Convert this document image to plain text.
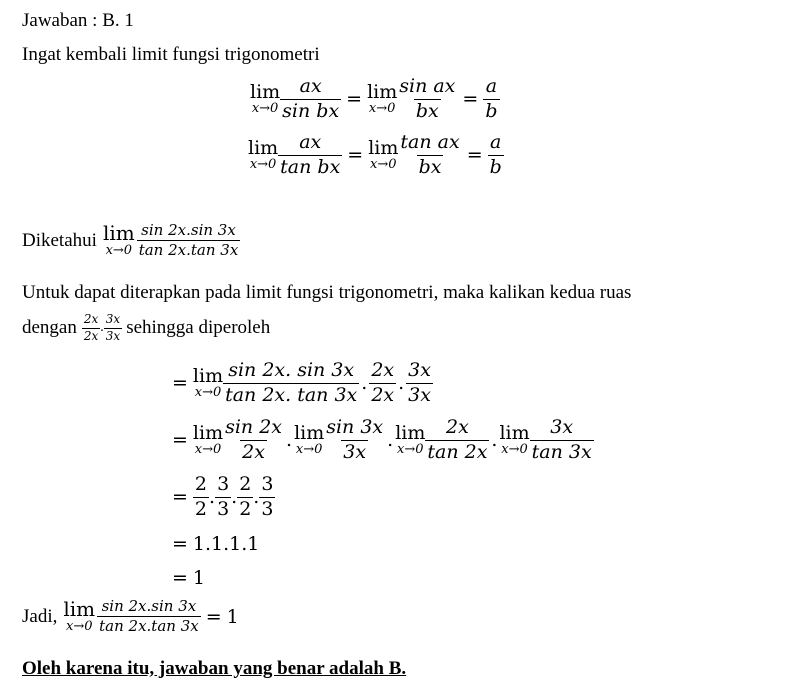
Jawaban : B. 1
Ingat kembali limit fungsi trigonometri
lim
$x\to 0 \frac{ax}{\text{sin bx}} = \lim$
$x\to 0 \frac{\text{sin ax}}{bx} = \frac{a}{b}$
lim
$x\to 0 \frac{ax}{\text{tan bx}} = \lim$
$x\to 0 \frac{\text{tan ax}}{bx} = \frac{a}{b}$
Diketahui lim
$x\to 0 \frac{\sin 2x.\sin 3x}{\tan 2x.\tan 3x}$
Untuk dapat diterapkan pada limit fungsi trigonometri, maka kalikan kedua ruas
dengan $\frac{2x}{2x}$ . $\frac{3x}{3x}$ sehingga diperoleh
= lim
$x\to 0 \frac{\sin 2x. \sin 3x}{\tan 2x. \tan 3x}$ . $\frac{2x}{2x}$ . $\frac{3x}{3x}$
= lim
$x\to 0 \frac{\sin 2x}{2x}$ . lim
$x\to 0 \frac{\sin 3x}{3x}$ . lim
$x\to 0 \frac{2x}{\tan 2x}$ . lim
$x\to 0 \frac{3x}{\tan 3x}$
= $\frac{2}{2}$ . $\frac{3}{3}$ . $\frac{2}{2}$ . $\frac{3}{3}$
= 1.1.1.1
= 1
Jadi, lim
$x\to 0 \frac{\sin 2x.\sin 3x}{\tan 2x.\tan 3x} = 1$
Oleh karena itu, jawaban yang benar adalah B.
